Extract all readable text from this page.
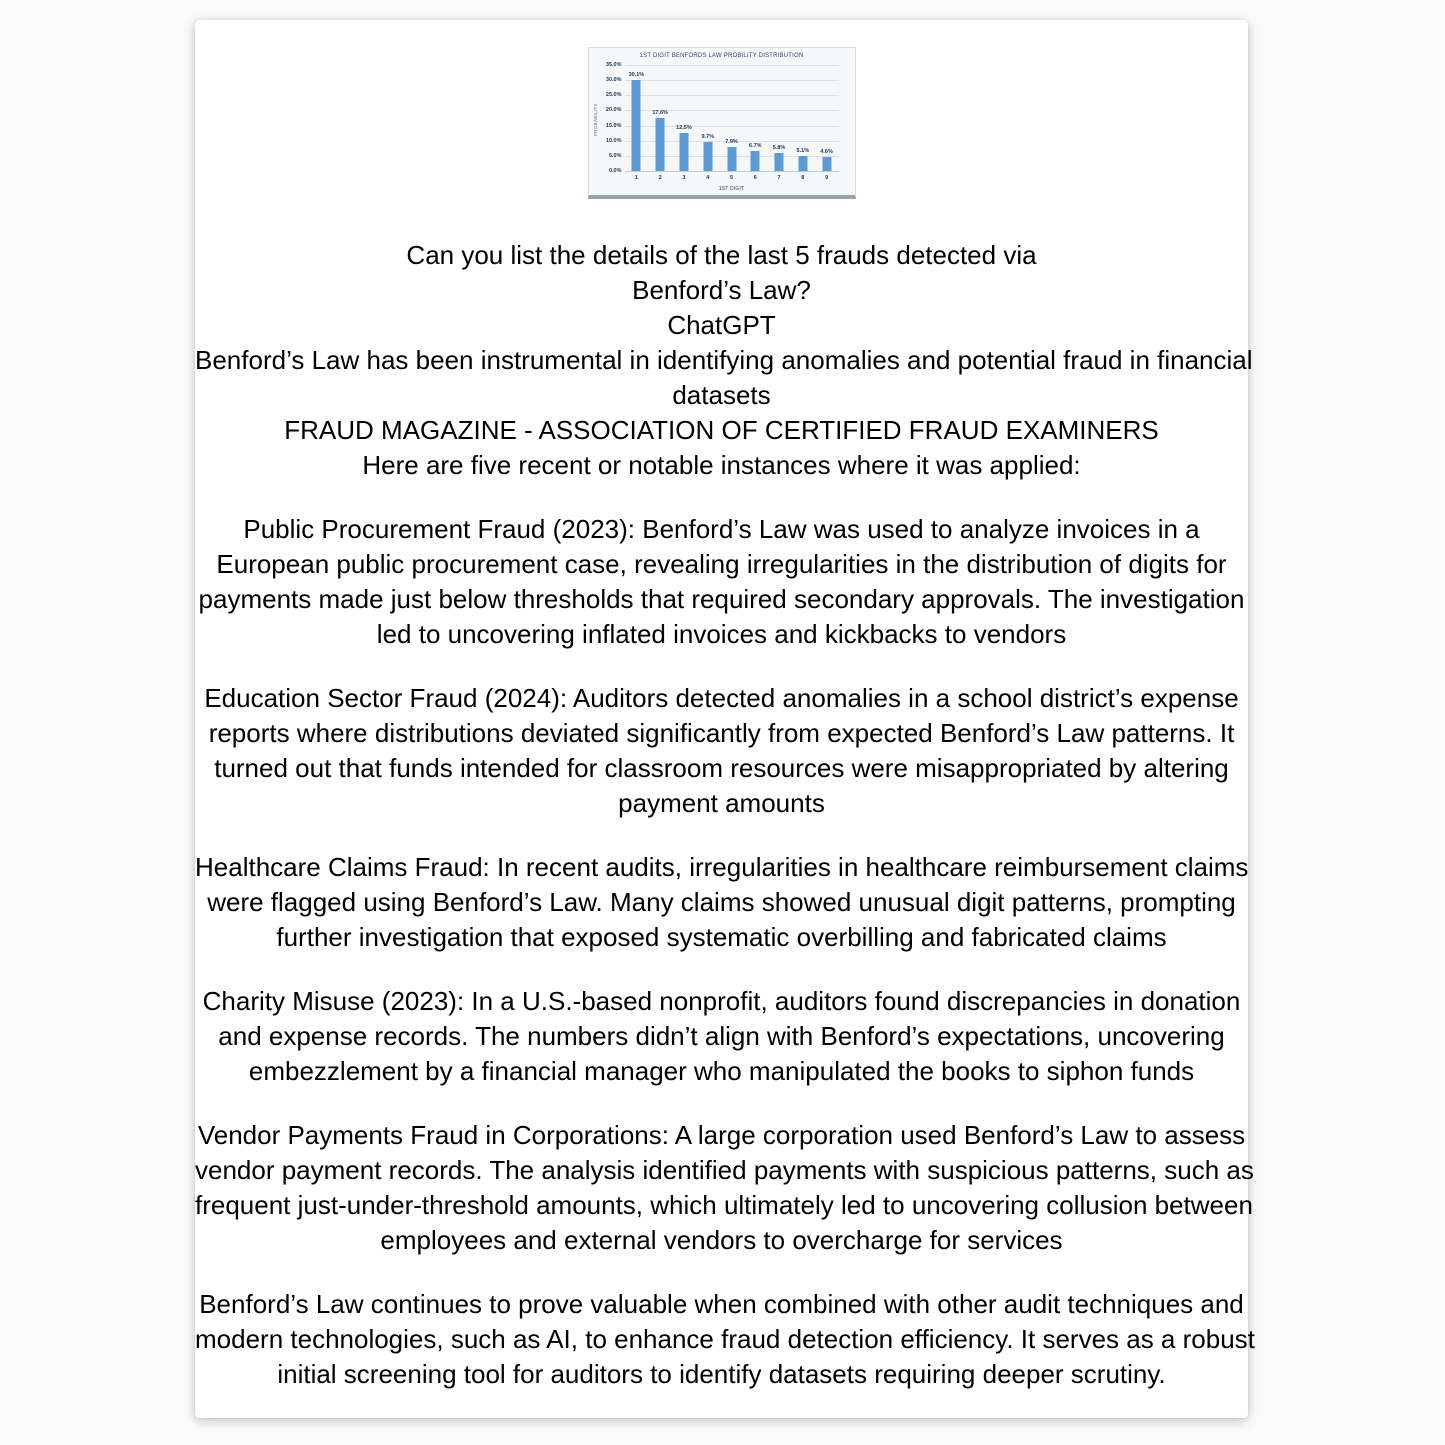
1ST DIGIT BENFORDS LAW PROBILITY DISTRIBUTION
PROBABILITY
0.0%
5.0%
10.0%
15.0%
20.0%
25.0%
30.0%
35.0%
30.1%
1
17.6%
2
12.5%
3
9.7%
4
7.9%
5
6.7%
6
5.8%
7
5.1%
8
4.6%
9
1ST DIGIT
Can you list the details of the last 5 frauds detected via
Benford’s Law?
ChatGPT
Benford’s Law has been instrumental in identifying anomalies and potential fraud in financial
datasets
FRAUD MAGAZINE - ASSOCIATION OF CERTIFIED FRAUD EXAMINERS
Here are five recent or notable instances where it was applied:
Public Procurement Fraud (2023): Benford’s Law was used to analyze invoices in a
European public procurement case, revealing irregularities in the distribution of digits for
payments made just below thresholds that required secondary approvals. The investigation
led to uncovering inflated invoices and kickbacks to vendors
Education Sector Fraud (2024): Auditors detected anomalies in a school district’s expense
reports where distributions deviated significantly from expected Benford’s Law patterns. It
turned out that funds intended for classroom resources were misappropriated by altering
payment amounts
Healthcare Claims Fraud: In recent audits, irregularities in healthcare reimbursement claims
were flagged using Benford’s Law. Many claims showed unusual digit patterns, prompting
further investigation that exposed systematic overbilling and fabricated claims
Charity Misuse (2023): In a U.S.-based nonprofit, auditors found discrepancies in donation
and expense records. The numbers didn’t align with Benford’s expectations, uncovering
embezzlement by a financial manager who manipulated the books to siphon funds
Vendor Payments Fraud in Corporations: A large corporation used Benford’s Law to assess
vendor payment records. The analysis identified payments with suspicious patterns, such as
frequent just-under-threshold amounts, which ultimately led to uncovering collusion between
employees and external vendors to overcharge for services
Benford’s Law continues to prove valuable when combined with other audit techniques and
modern technologies, such as AI, to enhance fraud detection efficiency. It serves as a robust
initial screening tool for auditors to identify datasets requiring deeper scrutiny.
